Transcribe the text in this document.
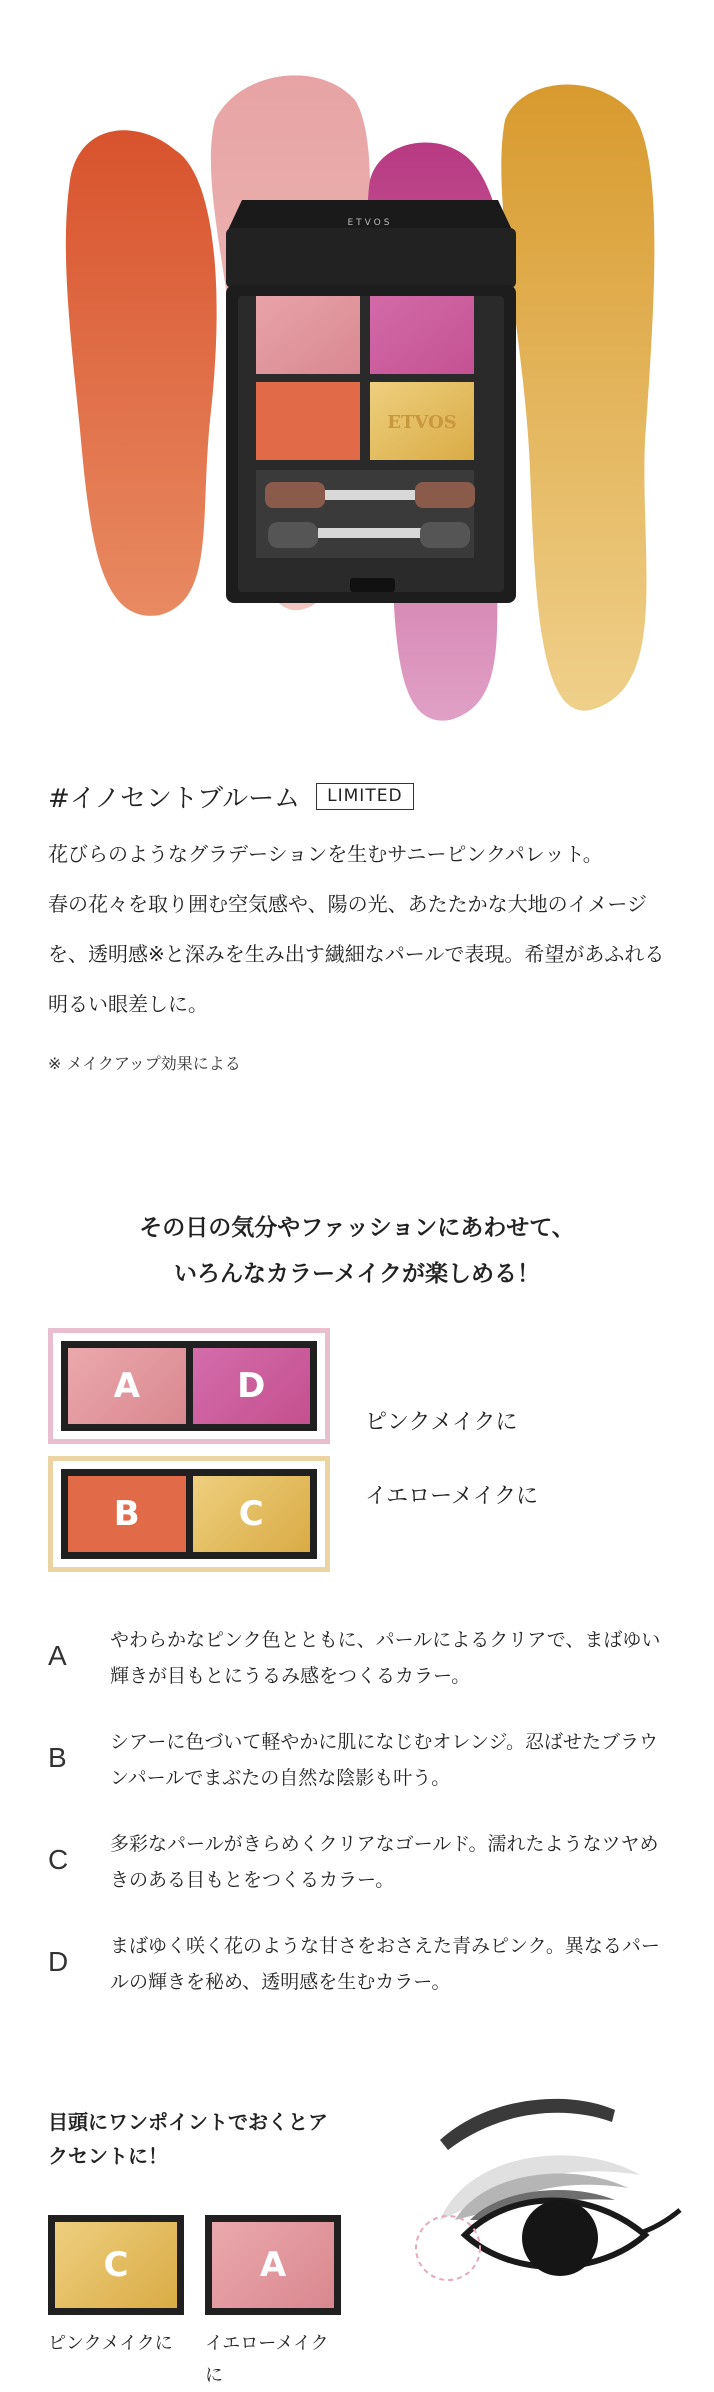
ETVOS
ETVOS
#イノセントブルーム	LIMITED
花びらのようなグラデーションを生むサニーピンクパレット。
春の花々を取り囲む空気感や、陽の光、あたたかな大地のイメージを、透明感※と深みを生み出す繊細なパールで表現。希望があふれる明るい眼差しに。
※ メイクアップ効果による
その日の気分やファッションにあわせて、
いろんなカラーメイクが楽しめる！
A	D
ピンクメイクに
B	C	イエローメイクに
A やわらかなピンク色とともに、パールによるクリアで、まばゆい輝きが目もとにうるみ感をつくるカラー。
B シアーに色づいて軽やかに肌になじむオレンジ。忍ばせたブラウンパールでまぶたの自然な陰影も叶う。
C 多彩なパールがきらめくクリアなゴールド。濡れたようなツヤめきのある目もとをつくるカラー。
D まばゆく咲く花のような甘さをおさえた青みピンク。異なるパールの輝きを秘め、透明感を生むカラー。
目頭にワンポイントでおくとアクセントに！
C
ピンクメイクに
A
イエローメイクに
